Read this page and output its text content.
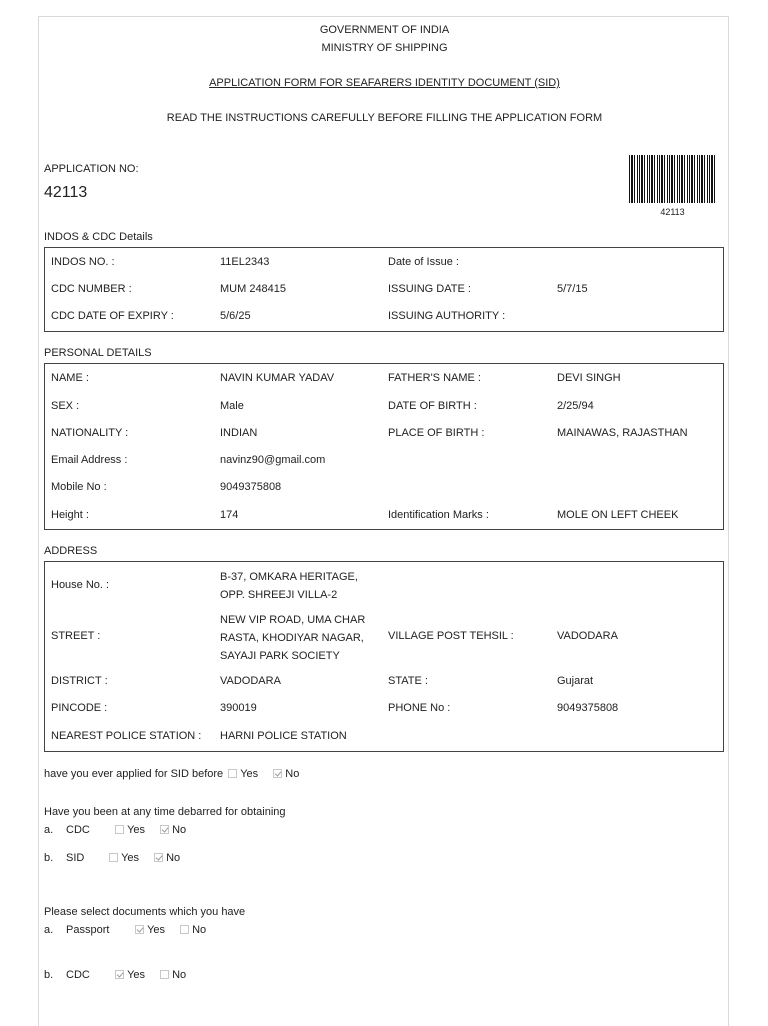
GOVERNMENT OF INDIA
MINISTRY OF SHIPPING
APPLICATION FORM FOR SEAFARERS IDENTITY DOCUMENT (SID)
READ THE INSTRUCTIONS CAREFULLY BEFORE FILLING THE APPLICATION FORM
APPLICATION NO:
42113
42113
INDOS & CDC Details
INDOS NO. :	11EL2343	Date of Issue :
CDC NUMBER :	MUM 248415	ISSUING DATE :	5/7/15
CDC DATE OF EXPIRY :	5/6/25	ISSUING AUTHORITY :
PERSONAL DETAILS
NAME :	NAVIN KUMAR YADAV	FATHER'S NAME :	DEVI SINGH
SEX :	Male	DATE OF BIRTH :	2/25/94
NATIONALITY :	INDIAN	PLACE OF BIRTH :	MAINAWAS, RAJASTHAN
Email Address :	navinz90@gmail.com
Mobile No :	9049375808
Height :	174	Identification Marks :	MOLE ON LEFT CHEEK
ADDRESS
House No. :
B-37, OMKARA HERITAGE,
OPP. SHREEJI VILLA-2
STREET :
NEW VIP ROAD, UMA CHAR
RASTA, KHODIYAR NAGAR,
SAYAJI PARK SOCIETY
VILLAGE POST TEHSIL :	VADODARA
DISTRICT :	VADODARA	STATE :	Gujarat
PINCODE :	390019	PHONE No :	9049375808
NEAREST POLICE STATION : HARNI POLICE STATION
have you ever applied for SID before Yes No
Have you been at any time debarred for obtaining
a. CDC	Yes No
b. SID	Yes No
Please select documents which you have
a. Passport	Yes No
b. CDC	Yes No
